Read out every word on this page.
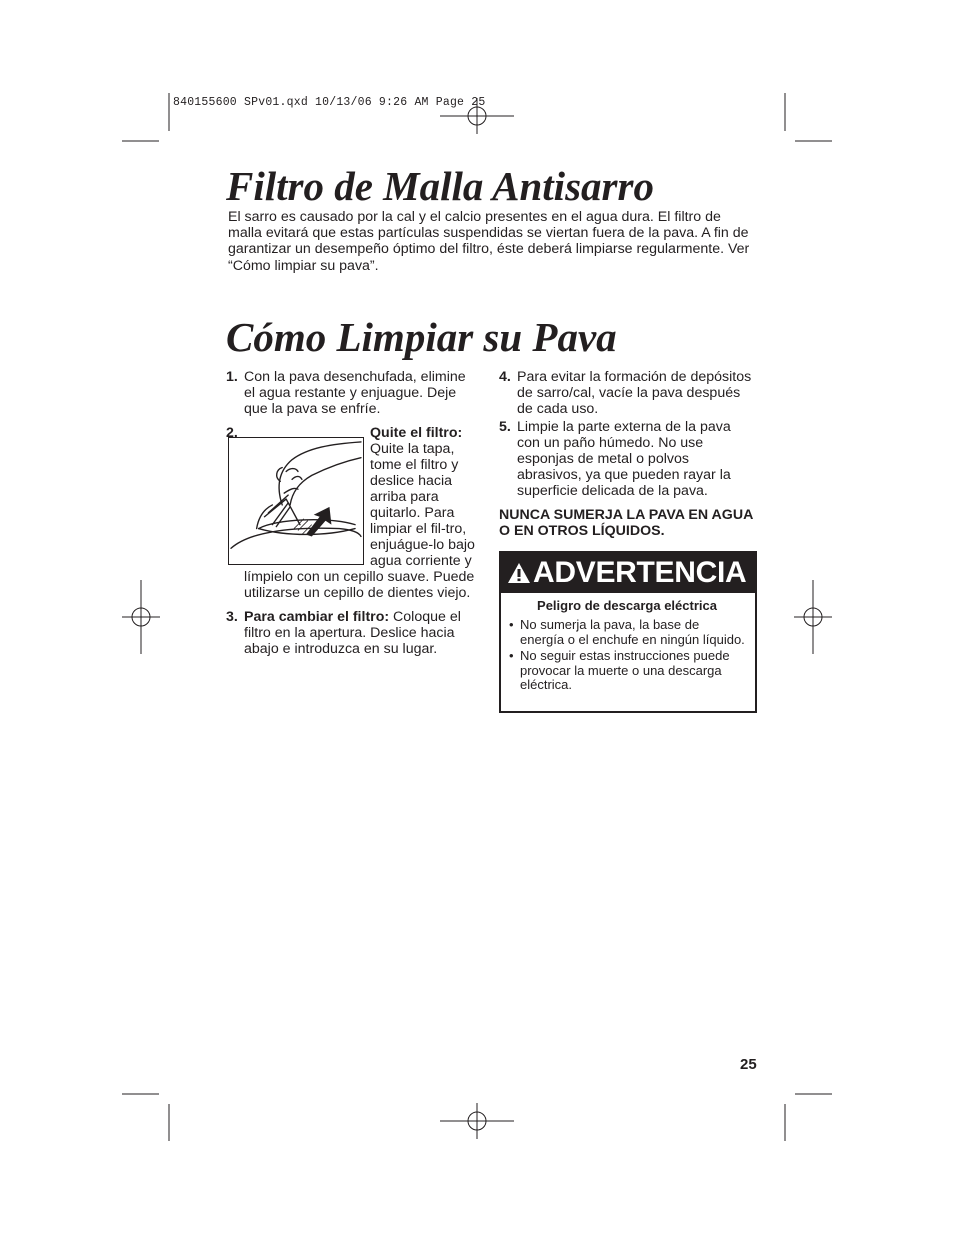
840155600 SPv01.qxd 10/13/06 9:26 AM Page 25
Filtro de Malla Antisarro

El sarro es causado por la cal y el calcio presentes en el agua dura. El filtro de malla evitará que estas partículas suspendidas se viertan fuera de la pava. A fin de garantizar un desempeño óptimo del filtro, éste deberá limpiarse regularmente. Ver “Cómo limpiar su pava”.

Cómo Limpiar su Pava
1. Con la pava desenchufada, elimine el agua restante y enjuague. Deje que la pava se enfríe.
2.	Quite el filtro: Quite la tapa, tome el filtro y deslice hacia arriba para quitarlo. Para limpiar el fil-tro, enjuágue-lo bajo agua corriente y límpielo con un cepillo suave. Puede utilizarse un cepillo de dientes viejo.
3. Para cambiar el filtro: Coloque el filtro en la apertura. Deslice hacia abajo e introduzca en su lugar.
4. Para evitar la formación de depósitos de sarro/cal, vacíe la pava después de cada uso.
5. Limpie la parte externa de la pava con un paño húmedo. No use esponjas de metal o polvos abrasivos, ya que pueden rayar la superficie delicada de la pava.

NUNCA SUMERJA LA PAVA EN AGUA O EN OTROS LÍQUIDOS.

ADVERTENCIA

Peligro de descarga eléctrica

• No sumerja la pava, la base de energía o el enchufe en ningún líquido.
• No seguir estas instrucciones puede provocar la muerte o una descarga eléctrica.
25
